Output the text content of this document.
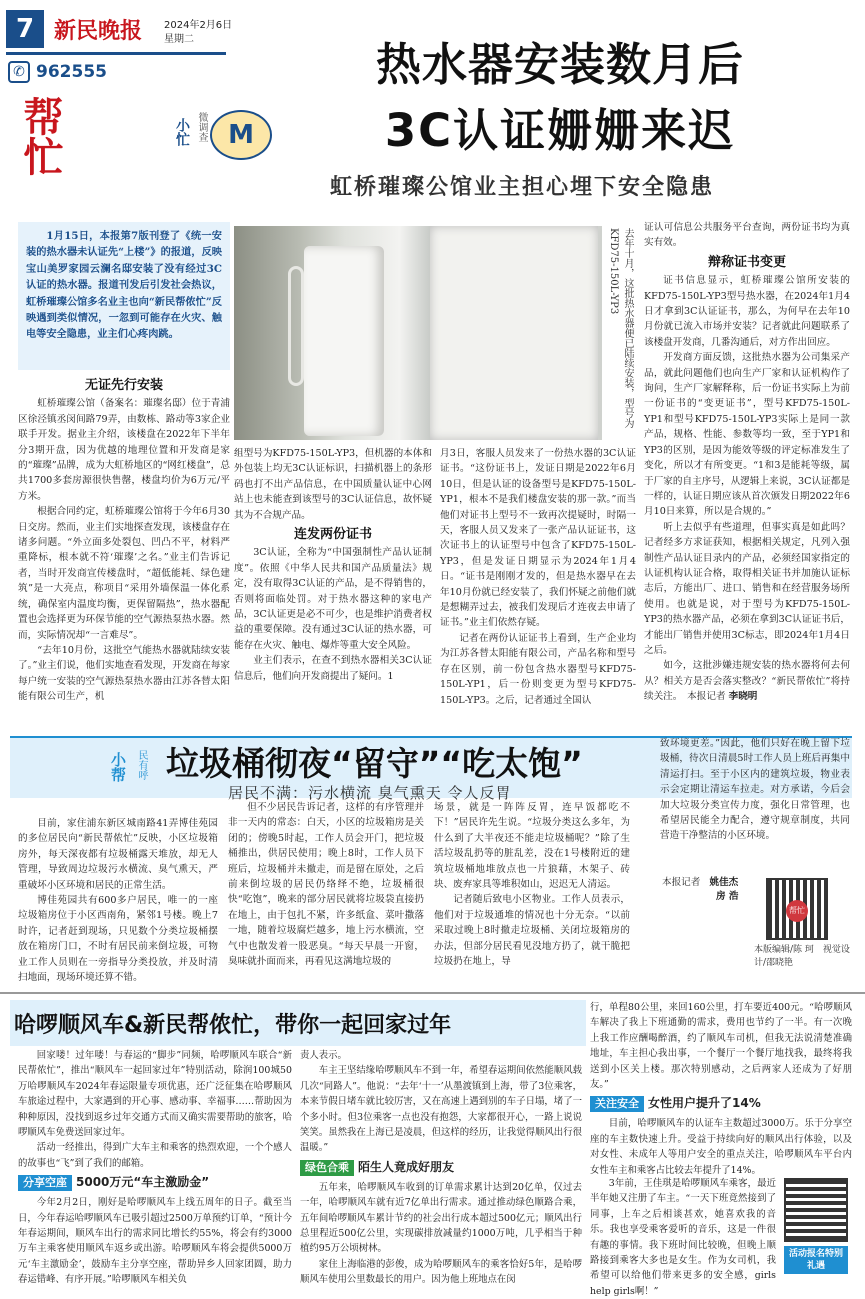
7 新民晚报 2024年2月6日
星期二
✆ 962555
帮忙	小忙 微调查 M
热水器安装数月后
3C认证姗姗来迟
虹桥璀璨公馆业主担心埋下安全隐患

1月15日，本报第7版刊登了《统一安装的热水器未认证先“上楼”》的报道，反映宝山美罗家园云澜名邸安装了没有经过3C认证的热水器。报道刊发后引发社会热议，虹桥璀璨公馆多名业主也向“新民帮侬忙”反映遇到类似情况，一忽到可能存在火灾、触电等安全隐患，业主们心疼肉跳。	去年十月，这批热水器便已陆续安装，型号为KFD75-150L-YP3
无证先行安装

虹桥璀璨公馆（备案名：璀璨名邸）位于青浦区徐泾镇丞闵间路79弄，由数栋、路动等3家企业联手开发。据业主介绍，该楼盘在2022年下半年分3期开盘，因为优越的地理位置和开发商是家的“璀璨”品牌，成为大虹桥地区的“网红楼盘”，总共1700多套房源很快售罄，楼盘均价为6万元/平方米。

根据合同约定，虹桥璀璨公馆将于今年6月30日交房。然而，业主们实地探查发现，该楼盘存在诸多问题。“外立面多处裂包、凹凸不平，材料严重降标，根本就不符‘璀璨’之名。”业主们告诉记者，当时开发商宣传楼盘时，“超低能耗、绿色建筑”是一大亮点，称项目“采用外墙保温一体化系统，确保室内温度均衡，更保留隔热”，热水器配置也会选择更为环保节能的空气源热泵热水器。然而，实际情况却“一言难尽”。

“去年10月份，这批空气能热水器就陆续安装了。”业主们说，他们实地查看发现，开发商在每家每户统一安装的空气源热泵热水器由江苏各替太阳能有限公司生产，机

组型号为KFD75-150L-YP3，但机器的本体和外包装上均无3C认证标识，扫描机器上的条形码也打不出产品信息，在中国质量认证中心网站上也未能查到该型号的3C认证信息，故怀疑其为不合规产品。

连发两份证书

3C认证，全称为“中国强制性产品认证制度”。依照《中华人民共和国产品质量法》规定，没有取得3C认证的产品，是不得销售的，否则将面临处罚。对于热水器这种的家电产品，3C认证更是必不可少，也是维护消费者权益的重要保障。没有通过3C认证的热水器，可能存在火灾、触电、爆炸等重大安全风险。

业主们表示，在查不到热水器相关3C认证信息后，他们向开发商提出了疑问。1

月3日，客服人员发来了一份热水器的3C认证证书。“这份证书上，发证日期是2022年6月10日，但是认证的设备型号是KFD75-150L-YP1，根本不是我们楼盘安装的那一款。”而当他们对证书上型号不一致再次提疑时，时隔一天，客服人员又发来了一张产品认证证书，这次证书上的认证型号中包含了KFD75-150L-YP3，但是发证日期显示为2024年1月4日。“证书是刚刚才发的，但是热水器早在去年10月份就已经安装了，我们怀疑之前他们就是想糊弄过去，被我们发现后才连夜去申请了证书。”业主们依然存疑。

记者在两份认证证书上看到，生产企业均为江苏各替太阳能有限公司，产品名称和型号存在区别，前一份包含热水器型号KFD75-150L-YP1，后一份则变更为型号KFD75-150L-YP3。之后，记者通过全国认

证认可信息公共服务平台查询，两份证书均为真实有效。

辩称证书变更

证书信息显示，虹桥璀璨公馆所安装的KFD75-150L-YP3型号热水器，在2024年1月4日才拿到3C认证证书，那么，为何早在去年10月份就已流入市场并安装？记者就此问题联系了该楼盘开发商，几番沟通后，对方作出回应。

开发商方面反馈，这批热水器为公司集采产品，就此问题他们也向生产厂家和认证机构作了询问，生产厂家解释称，后一份证书实际上为前一份证书的“变更证书”，型号KFD75-150L-YP1和型号KFD75-150L-YP3实际上是同一款产品，规格、性能、参数等均一致，至于YP1和YP3的区别，是因为能效等级的评定标准发生了变化，所以才有所变更。“1和3是能耗等级，属于厂家的自主序号，从逻辑上来说，3C认证都是一样的，认证日期应该从首次颁发日期2022年6月10日来算，所以是合规的。”

听上去似乎有些道理，但事实真是如此吗？记者经多方求证获知，根据相关规定，凡列入强制性产品认证目录内的产品，必须经国家指定的认证机构认证合格，取得相关证书并加施认证标志后，方能出厂、进口、销售和在经营服务场所使用。也就是说，对于型号为KFD75-150L-YP3的热水器产品，必须在拿到3C认证证书后，才能出厂销售并使用3C标志，即2024年1月4日之后。

如今，这批涉嫌违规安装的热水器将何去何从？相关方是否会落实整改？“新民帮侬忙”将持续关注。　 本报记者 李晓明

小帮 民有呼 垃圾桶彻夜“留守”“吃太饱”
居民不满：污水横流 臭气熏天 令人反胃

目前，家住浦东新区城南路41弄博佳苑园的多位居民向“新民帮侬忙”反映，小区垃圾箱房外，每天深夜都有垃圾桶露天堆放，却无人管理，导致周边垃圾污水横流、臭气熏天，严重破坏小区环境和居民的正常生活。

博佳苑园共有600多户居民，唯一的一座垃圾箱房位于小区西南角，紧邻1号楼。晚上7时许，记者赶到现场，只见数个分类垃圾桶摆放在箱房门口，不时有居民前来倒垃圾，可物业工作人员则在一旁指导分类投放，并及时清扫地面，现场环境还算不错。

但不少居民告诉记者，这样的有序管理并非一天内的常态：白天，小区的垃圾箱房是关闭的；傍晚5时起，工作人员会开门，把垃圾桶推出，供居民使用；晚上8时，工作人员下班后，垃圾桶并未撤走，而是留在原处，之后前来倒垃圾的居民仍络绎不绝，垃圾桶很快“吃饱”，晚来的部分居民就将垃圾袋直接扔在地上，由于包扎不紧，许多纸盒、菜叶撒落一地，随着垃圾腐烂越多，地上污水横流，空气中也散发着一股恶臭。“每天早晨一开窗，臭味就扑面而来，再看见这满地垃圾的

场景，就是一阵阵反胃，连早饭都吃不下！”居民许先生说。“垃圾分类这么多年，为什么到了大半夜还不能走垃圾桶呢？”除了生活垃圾乱扔等的脏乱差，没在1号楼附近的建筑垃圾桶地堆放点也一片狼藉，木架子、砖块、废弃家具等堆积如山，迟迟无人清运。

记者随后致电小区物业。工作人员表示，他们对于垃圾通堆的情况也十分无奈。“以前采取过晚上8时撤走垃圾桶、关闭垃圾箱房的办法，但部分居民看见没地方扔了，就干脆把垃圾扔在地上，导

致环境更差。”因此，他们只好在晚上留下垃圾桶，待次日清晨5时工作人员上班后再集中清运打扫。至于小区内的建筑垃圾，物业表示会定期让清运车拉走。对方承诺，今后会加大垃圾分类宣传力度，强化日常管理，也希望居民能全力配合，遵守规章制度，共同营造干净整洁的小区环境。

本报记者 姚佳杰
房 浩
帮忙
本版编辑/陈 珂　视觉设计/邵晓艳
哈啰顺风车&新民帮侬忙，带你一起回家过年

回家喽！过年喽！与春运的“脚步”同频，哈啰顺风车联合“新民帮侬忙”，推出“顺风车一起回家过年”特别活动，除润100城50万哈啰顺风车2024年春运限量专项优惠，还广泛征集在哈啰顺风车旅途过程中，大家遇到的开心事、感动事、幸福事……帮助因为种种原因，没找到返乡过年交通方式而又确实需要帮助的旅客，哈啰顺风车免费送回家过年。

活动一经推出，得到广大车主和乘客的热烈欢迎，一个个感人的故事也“飞”到了我们的邮箱。

分享空座 5000万元“车主激励金”

今年2月2日，刚好是哈啰顺风车上线五周年的日子。截至当日，今年春运哈啰顺风车已吸引超过2500万单预约订单，“预计今年春运期间，顺风车出行的需求同比增长约55%，将会有约3000万车主乘客使用顺风车返乡或出游。哈啰顺风车将会提供5000万元‘车主激励金’，鼓励车主分享空座，帮助异乡人回家团圆，助力春运错峰、有序开展。”哈啰顺风车相关负

责人表示。

车主王坚结缘哈啰顺风车不到一年，希望春运期间依然能顺风载几次“同路人”。他说：“去年‘十一’从墨渡镇到上海，带了3位乘客，本来节假日堵车就比较厉害，又在高速上遇到别的车子日塌，堵了一个多小时。但3位乘客一点也没有抱怨，大家都很开心，一路上说说笑笑。虽然我在上海已是凌晨，但这样的经历，让我觉得顺风出行很温暖。”

绿色合乘 陌生人竟成好朋友

五年来，哈啰顺风车收到的订单需求累计达到20亿单，仅过去一年，哈啰顺风车就有近7亿单出行需求。通过推动绿色顺路合乘，五年间哈啰顺风车累计节约的社会出行成本超过500亿元；顺风出行总里程近500亿公里，实现碳排放减量约1000万吨，几乎相当于种植约95万公顷树林。

家住上海临港的彭俊，成为哈啰顺风车的乘客恰好5年，是哈啰顺风车使用公里数最长的用户。因为他上班地点在闵

行，单程80公里，来回160公里，打车要近400元。“哈啰顺风车解决了我上下班通勤的需求，费用也节约了一半。有一次晚上我工作应酬喝醉酒，约了顺风车司机，但我无法说清楚准确地址，车主担心我出事，一个餐厅一个餐厅地找我，最终将我送到小区关上楼。那次特别感动，之后两家人还成为了好朋友。”

关注安全 女性用户提升了14%

目前，哈啰顺风车的认证车主数超过3000万。乐于分享空座的车主数快速上升。受益于持续向好的顺风出行体验，以及对女性、未成年人等用户安全的重点关注，哈啰顺风车平台内女性车主和乘客占比较去年提升了14%。

3年前，王佳琪是哈啰顺风车乘客，最近半年她又注册了车主。“一天下班竟然接到了同事，上车之后相谈甚欢，她喜欢我的音乐。我也享受乘客爱听的音乐，这是一件很有趣的事情。我下班时间比较晚，但晚上顺路接到乘客大多也是女生。作为女司机，我希望可以给他们带来更多的安全感，girls help girls啊！”

活动报名特别礼遇
